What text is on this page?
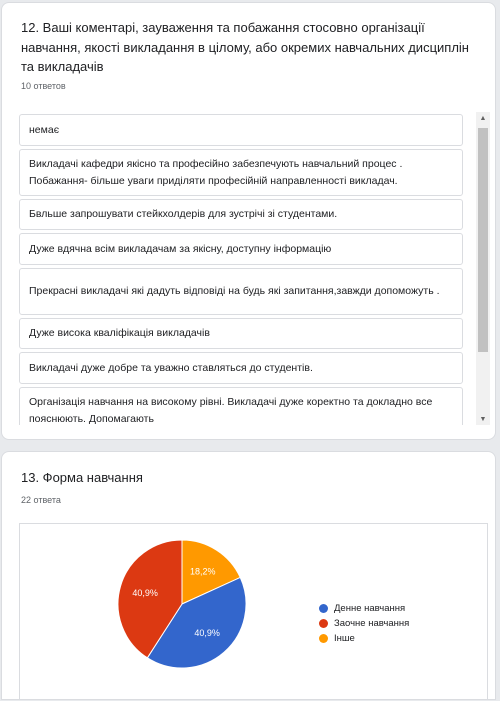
12. Ваші коментарі, зауваження та побажання стосовно організації навчання, якості викладання в цілому, або окремих навчальних дисциплін та викладачів
10 ответов
немає
Викладачі кафедри якісно та професійно забезпечують навчальний процес . Побажання- більше уваги приділяти професійній направленності викладач.
Бвльше запрошувати стейкхолдерів для зустрічі зі студентами.
Дуже вдячна всім викладачам за якісну, доступну інформацію
Прекрасні викладачі які дадуть відповіді на будь які запитання,завжди допоможуть .
Дуже висока кваліфікація викладачів
Викладачі дуже добре та уважно ставляться до студентів.
Організація навчання на високому рівні. Викладачі дуже коректно та докладно все пояснюють. Допомагають
▲
▼
13. Форма навчання
22 ответа
18,2%
40,9%
40,9%
Денне навчання
Заочне навчання
Інше
